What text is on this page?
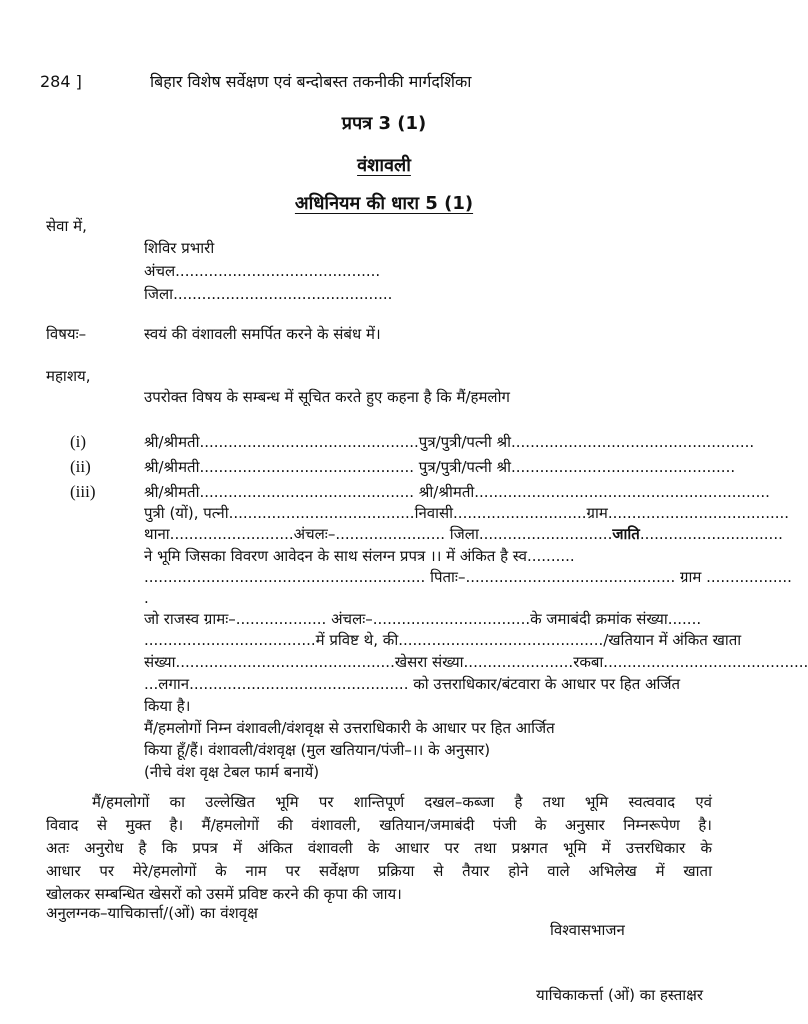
284 ]	बिहार विशेष सर्वेक्षण एवं बन्दोबस्त तकनीकी मार्गदर्शिका
प्रपत्र 3 (1)
वंशावली
अधिनियम की धारा 5 (1)
सेवा में,
शिविर प्रभारी
अंचल...........................................
जिला..............................................
विषयः–	स्वयं की वंशावली समर्पित करने के संबंध में।
महाशय,
उपरोक्त विषय के सम्बन्ध में सूचित करते हुए कहना है कि मैं/हमलोग
(i)	श्री/श्रीमती..............................................पुत्र/पुत्री/पत्नी श्री...................................................
(ii)	श्री/श्रीमती............................................. पुत्र/पुत्री/पत्नी श्री...............................................
(iii)	श्री/श्रीमती............................................. श्री/श्रीमती..............................................................
पुत्री (यों), पत्नी.......................................निवासी............................ग्राम......................................
थाना..........................अंचलः–....................... जिला............................जाति..............................
ने भूमि जिसका विवरण आवेदन के साथ संलग्न प्रपत्र ।। में अंकित है स्व..........
........................................................... पिताः–............................................ ग्राम ..................
.
जो राजस्व ग्रामः–................... अंचलः–.................................के जमाबंदी क्रमांक संख्या.......
....................................में प्रविष्ट थे, की.........................................../खतियान में अंकित खाता
संख्या..............................................खेसरा संख्या.......................रकबा...........................................
...लगान.............................................. को उत्तराधिकार/बंटवारा के आधार पर हित अर्जित
किया है।
मैं/हमलोगों निम्न वंशावली/वंशवृक्ष से उत्तराधिकारी के आधार पर हित आर्जित
किया हूँ/हैं। वंशावली/वंशवृक्ष (मुल खतियान/पंजी–।। के अनुसार)
(नीचे वंश वृक्ष टेबल फार्म बनायें)
मैं/हमलोगों का उल्लेखित भूमि पर शान्तिपूर्ण दखल–कब्जा है तथा भूमि स्वत्ववाद एवं
विवाद से मुक्त है। मैं/हमलोगों की वंशावली, खतियान/जमाबंदी पंजी के अनुसार निम्नरूपेण है।
अतः अनुरोध है कि प्रपत्र में अंकित वंशावली के आधार पर तथा प्रश्नगत भूमि में उत्तरधिकार के
आधार पर मेरे/हमलोगों के नाम पर सर्वेक्षण प्रक्रिया से तैयार होने वाले अभिलेख में खाता
खोलकर सम्बन्धित खेसरों को उसमें प्रविष्ट करने की कृपा की जाय।
अनुलग्नक–याचिकार्त्ता/(ओं) का वंशवृक्ष
विश्वासभाजन
याचिकाकर्त्ता (ओं) का हस्ताक्षर
